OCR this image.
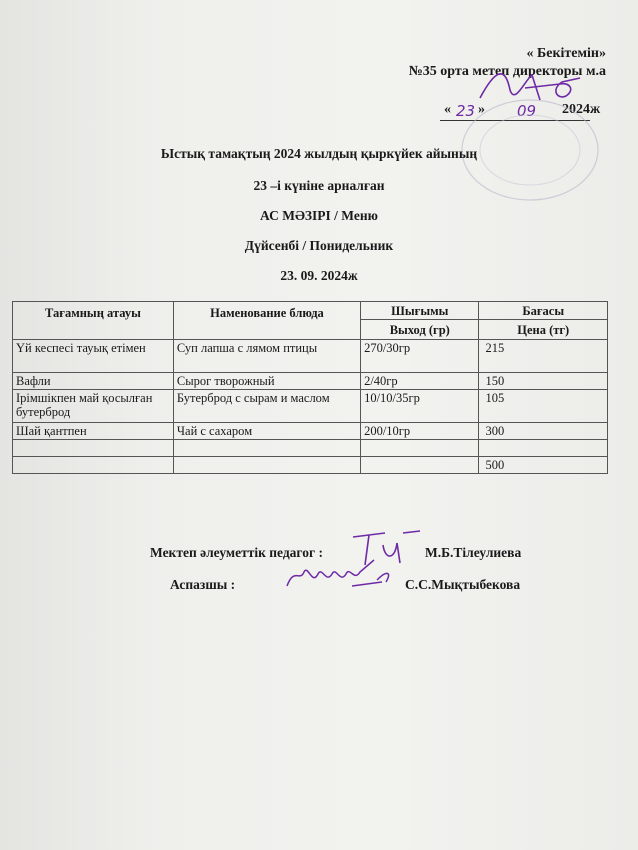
« Бекітемін»
№35 орта метеп директоры м.а
« 23 » 09 2024ж
Ыстық тамақтың 2024 жылдың қыркүйек айының
23 –і күніне арналған
АС МӘЗІРІ / Меню
Дүйсенбі / Понидельник
23. 09. 2024ж
Тағамның атауы	Наменование блюда	Шығымы	Бағасы
		Выход (гр)	Цена (тг)
Үй кеспесі тауық етімен	Суп лапша с лямом птицы	270/30гр	215
Вафли	Сырог творожный	2/40гр	150
Ірімшікпен май қосылған бутерброд	Бутерброд с сырам и маслом	10/10/35гр	105
Шай қантпен	Чай с сахаром	200/10гр	300

			500
Мектеп әлеуметтік педагог :	М.Б.Тілеулиева
Аспазшы :	С.С.Мықтыбекова
